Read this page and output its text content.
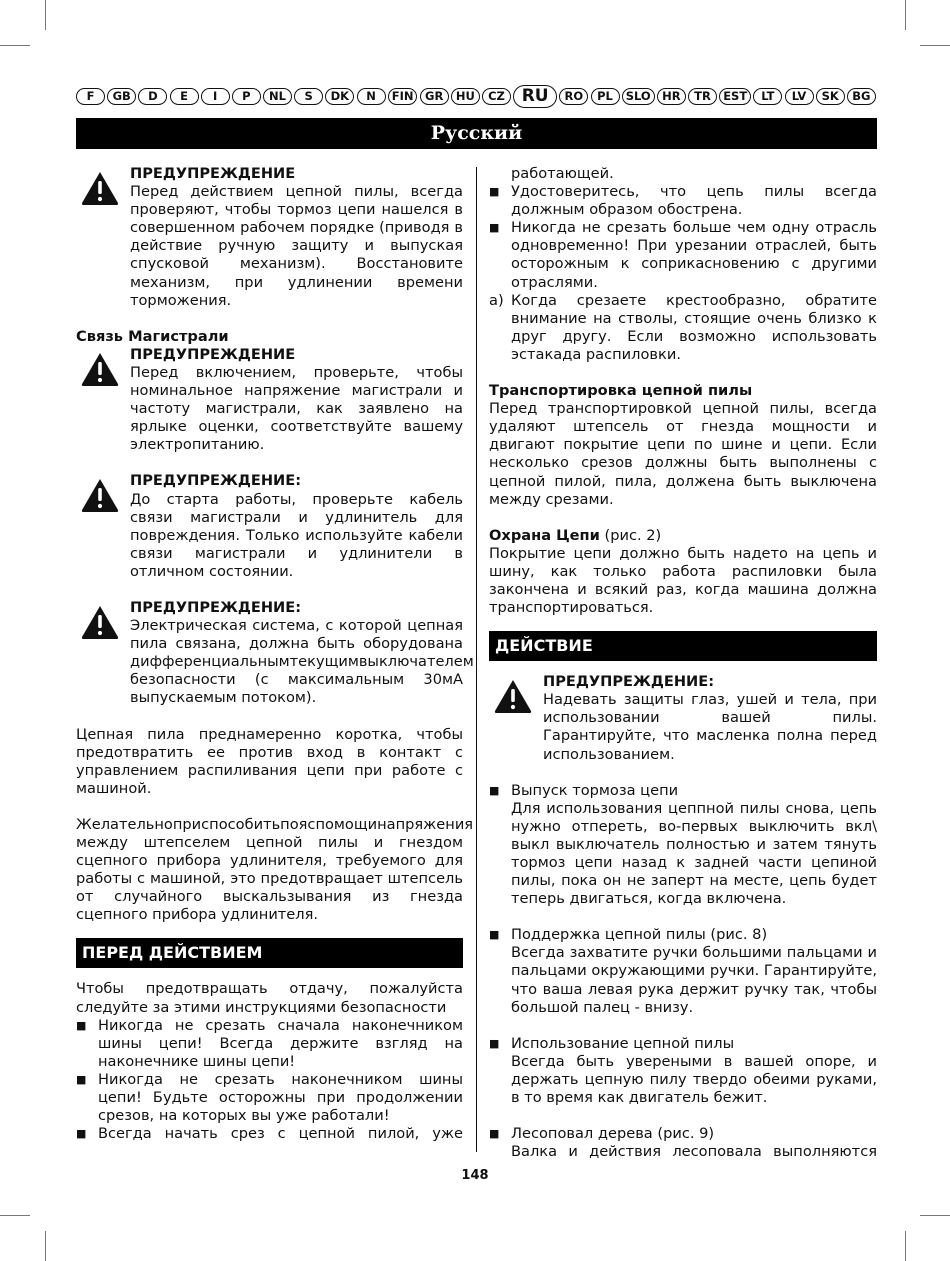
F	GB	D	E	I	P	NL	S	DK	N	FIN	GR	HU	CZ RU	RO	PL	SLO HR	TR	EST	LT	LV	SK	BG
Русский
ПРЕДУПРЕЖДЕНИЕ

Перед действием цепной пилы, всегда проверяют, чтобы тормоз цепи нашелся в совершенном рабочем порядке (приводя в действие ручную защиту и выпуская спусковой механизм). Восстановите механизм, при удлинении времени торможения.

Связь Магистрали
ПРЕДУПРЕЖДЕНИЕ

Перед включением, проверьте, чтобы номинальное напряжение магистрали и частоту магистрали, как заявлено на ярлыке оценки, соответствуйте вашему электропитанию.

ПРЕДУПРЕЖДЕНИЕ:

До старта работы, проверьте кабель связи магистрали и удлинитель для повреждения. Только используйте кабели связи магистрали и удлинители в отличном состоянии.

ПРЕДУПРЕЖДЕНИЕ:

Электрическая система, с которой цепная пила связана, должна быть оборудована дифференциальнымтекущимвыключателем безопасности (с максимальным 30мА выпускаемым потоком).

Цепная пила преднамеренно коротка, чтобы предотвратить ее против вход в контакт с управлением распиливания цепи при работе с машиной.

Желательноприспособитьпояспомощинапряжения между штепселем цепной пилы и гнездом сцепного прибора удлинителя, требуемого для работы с машиной, это предотвращает штепсель от случайного выскальзывания из гнезда сцепного прибора удлинителя.

ПЕРЕД ДЕЙСТВИЕМ

Чтобы предотвращать отдачу, пожалуйста следуйте за этими инструкциями безопасности

■ Никогда не срезать сначала наконечником шины цепи! Всегда держите взгляд на наконечнике шины цепи!
■ Никогда не срезать наконечником шины цепи! Будьте осторожны при продолжении срезов, на которых вы уже работали!
■ Всегда начать срез с цепной пилой, уже
работающей.
■ Удостоверитесь, что цепь пилы всегда должным образом обострена.
■ Никогда не срезать больше чем одну отрасль одновременно! При урезании отраслей, быть осторожным к соприкасновению с другими отраслями.
a) Когда срезаете крестообразно, обратите внимание на стволы, стоящие очень близко к друг другу. Если возможно использовать эстакада распиловки.
Транспортировка цепной пилы

Перед транспортировкой цепной пилы, всегда удаляют штепсель от гнезда мощности и двигают покрытие цепи по шине и цепи. Если несколько срезов должны быть выполнены с цепной пилой, пила, должена быть выключена между срезами.

Охрана Цепи (рис. 2)

Покрытие цепи должно быть надето на цепь и шину, как только работа распиловки была закончена и всякий раз, когда машина должна транспортироваться.

ДЕЙСТВИЕ
ПРЕДУПРЕЖДЕНИЕ:

Надевать защиты глаз, ушей и тела, при использовании вашей пилы. Гарантируйте, что масленка полна перед использованием.

■ Выпуск тормоза цепи
Для использования цеппной пилы снова, цепь нужно отпереть, во-первых выключить вкл\ выкл выключатель полностью и затем тянуть тормоз цепи назад к задней части цепиной пилы, пока он не заперт на месте, цепь будет теперь двигаться, когда включена.
■ Поддержка цепной пилы (рис. 8)
Всегда захватите ручки большими пальцами и пальцами окружающими ручки. Гарантируйте, что ваша левая рука держит ручку так, чтобы большой палец - внизу.
■ Использование цепной пилы
Всегда быть увереными в вашей опоре, и держать цепную пилу твердо обеими руками, в то время как двигатель бежит.
■ Лесоповал дерева (рис. 9)
Валка и действия лесоповала выполняются
148
